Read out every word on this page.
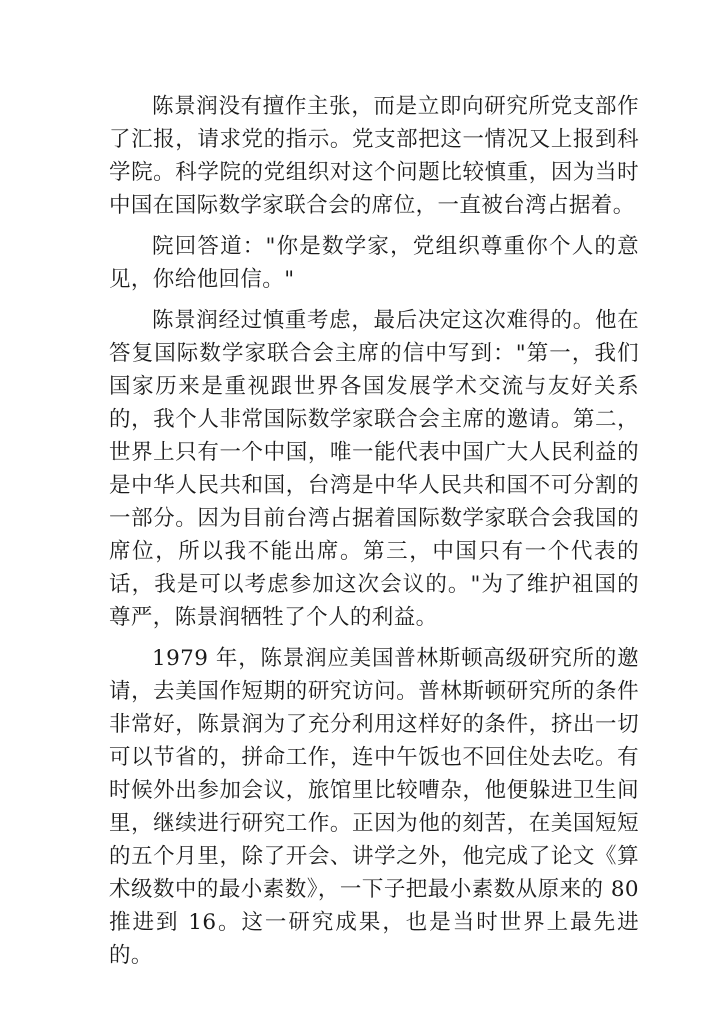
陈景润没有擅作主张，而是立即向研究所党支部作了汇报，请求党的指示。党支部把这一情况又上报到科学院。科学院的党组织对这个问题比较慎重，因为当时中国在国际数学家联合会的席位，一直被台湾占据着。

院回答道："你是数学家，党组织尊重你个人的意见，你给他回信。"

陈景润经过慎重考虑，最后决定这次难得的。他在答复国际数学家联合会主席的信中写到："第一，我们国家历来是重视跟世界各国发展学术交流与友好关系的，我个人非常国际数学家联合会主席的邀请。第二，世界上只有一个中国，唯一能代表中国广大人民利益的是中华人民共和国，台湾是中华人民共和国不可分割的一部分。因为目前台湾占据着国际数学家联合会我国的席位，所以我不能出席。第三，中国只有一个代表的话，我是可以考虑参加这次会议的。"为了维护祖国的尊严，陈景润牺牲了个人的利益。

1979 年，陈景润应美国普林斯顿高级研究所的邀请，去美国作短期的研究访问。普林斯顿研究所的条件非常好，陈景润为了充分利用这样好的条件，挤出一切可以节省的，拼命工作，连中午饭也不回住处去吃。有时候外出参加会议，旅馆里比较嘈杂，他便躲进卫生间里，继续进行研究工作。正因为他的刻苦，在美国短短的五个月里，除了开会、讲学之外，他完成了论文《算术级数中的最小素数》，一下子把最小素数从原来的 80 推进到 16。这一研究成果，也是当时世界上最先进的。
